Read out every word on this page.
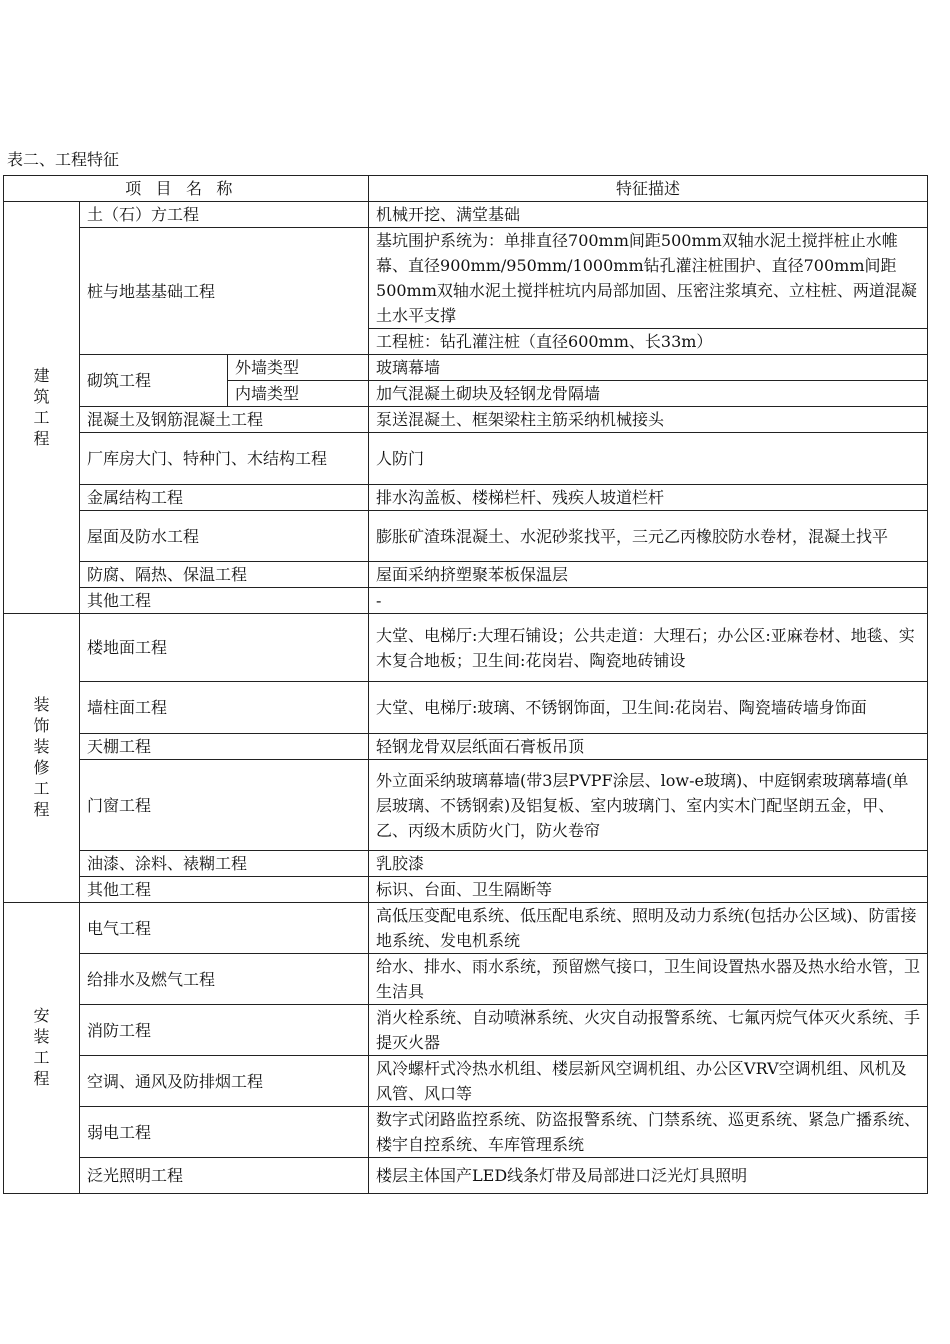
表二、工程特征
项目名称			特征描述
建筑工程	土（石）方工程		机械开挖、满堂基础
	桩与地基基础工程		基坑围护系统为：单排直径700mm间距500mm双轴水泥土搅拌桩止水帷幕、直径900mm/950mm/1000mm钻孔灌注桩围护、直径700mm间距500mm双轴水泥土搅拌桩坑内局部加固、压密注浆填充、立柱桩、两道混凝土水平支撑
			工程桩：钻孔灌注桩（直径600mm、长33m）
	砌筑工程	外墙类型	玻璃幕墙
		内墙类型	加气混凝土砌块及轻钢龙骨隔墙
	混凝土及钢筋混凝土工程		泵送混凝土、框架梁柱主筋采纳机械接头
	厂库房大门、特种门、木结构工程		人防门
	金属结构工程		排水沟盖板、楼梯栏杆、残疾人坡道栏杆
	屋面及防水工程		膨胀矿渣珠混凝土、水泥砂浆找平，三元乙丙橡胶防水卷材，混凝土找平
	防腐、隔热、保温工程		屋面采纳挤塑聚苯板保温层
	其他工程		-
装饰装修工程	楼地面工程		大堂、电梯厅:大理石铺设；公共走道：大理石；办公区:亚麻卷材、地毯、实木复合地板；卫生间:花岗岩、陶瓷地砖铺设
	墙柱面工程		大堂、电梯厅:玻璃、不锈钢饰面，卫生间:花岗岩、陶瓷墙砖墙身饰面
	天棚工程		轻钢龙骨双层纸面石膏板吊顶
	门窗工程		外立面采纳玻璃幕墙(带3层PVPF涂层、low-e玻璃)、中庭钢索玻璃幕墙(单层玻璃、不锈钢索)及铝复板、室内玻璃门、室内实木门配坚朗五金，甲、乙、丙级木质防火门，防火卷帘
	油漆、涂料、裱糊工程		乳胶漆
	其他工程		标识、台面、卫生隔断等
安装工程	电气工程		高低压变配电系统、低压配电系统、照明及动力系统(包括办公区域)、防雷接地系统、发电机系统
	给排水及燃气工程		给水、排水、雨水系统，预留燃气接口，卫生间设置热水器及热水给水管，卫生洁具
	消防工程		消火栓系统、自动喷淋系统、火灾自动报警系统、七氟丙烷气体灭火系统、手提灭火器
	空调、通风及防排烟工程		风冷螺杆式冷热水机组、楼层新风空调机组、办公区VRV空调机组、风机及风管、风口等
	弱电工程		数字式闭路监控系统、防盗报警系统、门禁系统、巡更系统、紧急广播系统、楼宇自控系统、车库管理系统
	泛光照明工程		楼层主体国产LED线条灯带及局部进口泛光灯具照明
